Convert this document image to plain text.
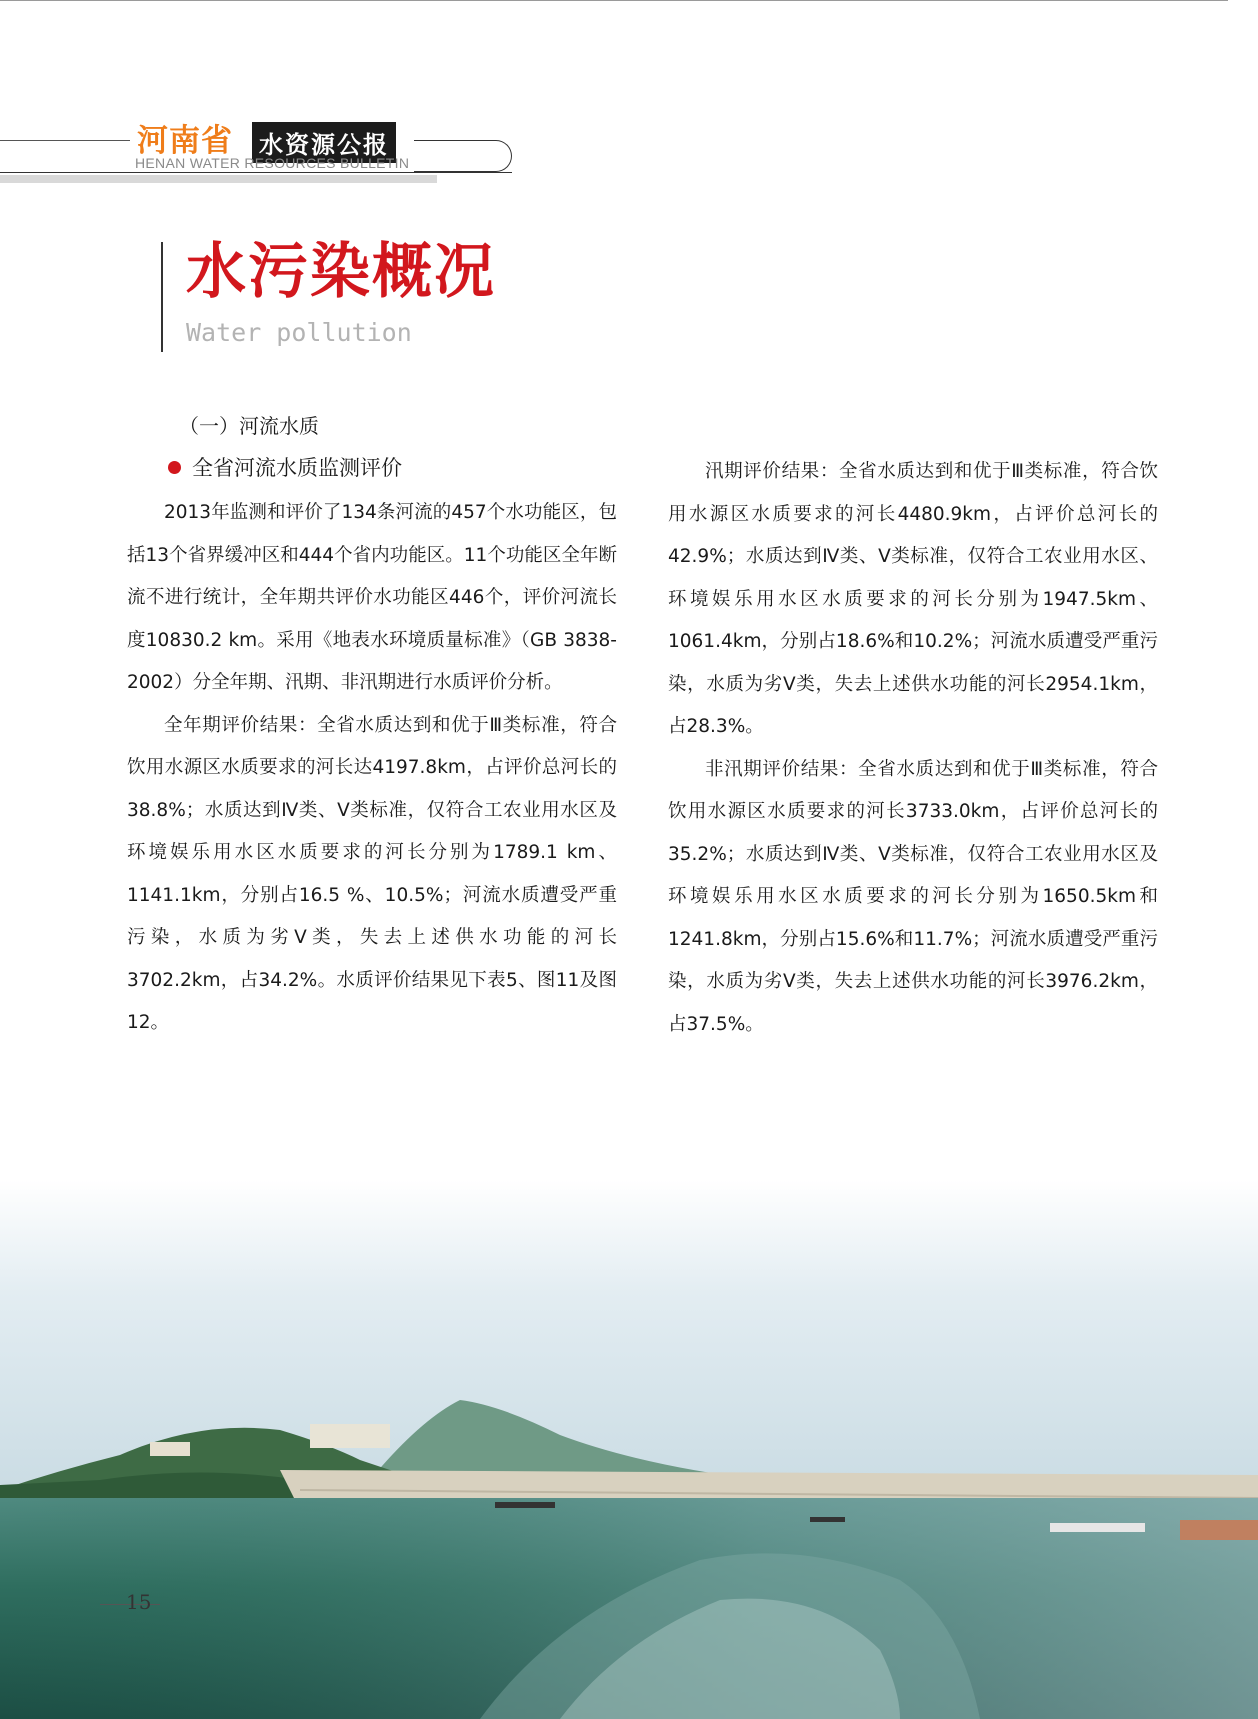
河南省 水资源公报
HENAN WATER RESOURCES BULLETIN
水污染概况
Water pollution
（一）河流水质
全省河流水质监测评价

2013年监测和评价了134条河流的457个水功能区，包括13个省界缓冲区和444个省内功能区。11个功能区全年断流不进行统计，全年期共评价水功能区446个，评价河流长度10830.2 km。采用《地表水环境质量标准》（GB 3838-2002）分全年期、汛期、非汛期进行水质评价分析。

全年期评价结果：全省水质达到和优于Ⅲ类标准，符合饮用水源区水质要求的河长达4197.8km，占评价总河长的 38.8%；水质达到Ⅳ类、Ⅴ类标准，仅符合工农业用水区及环境娱乐用水区水质要求的河长分别为1789.1 km、1141.1km，分别占16.5 %、10.5%；河流水质遭受严重污染，水质为劣Ⅴ类，失去上述供水功能的河长3702.2km，占34.2%。水质评价结果见下表5、图11及图12。

汛期评价结果：全省水质达到和优于Ⅲ类标准，符合饮用水源区水质要求的河长4480.9km，占评价总河长的42.9%；水质达到Ⅳ类、Ⅴ类标准，仅符合工农业用水区、环境娱乐用水区水质要求的河长分别为1947.5km、1061.4km，分别占18.6%和10.2%；河流水质遭受严重污染，水质为劣Ⅴ类，失去上述供水功能的河长2954.1km，占28.3%。

非汛期评价结果：全省水质达到和优于Ⅲ类标准，符合饮用水源区水质要求的河长3733.0km，占评价总河长的35.2%；水质达到Ⅳ类、Ⅴ类标准，仅符合工农业用水区及环境娱乐用水区水质要求的河长分别为1650.5km和1241.8km，分别占15.6%和11.7%；河流水质遭受严重污染，水质为劣Ⅴ类，失去上述供水功能的河长3976.2km，占37.5%。

15
